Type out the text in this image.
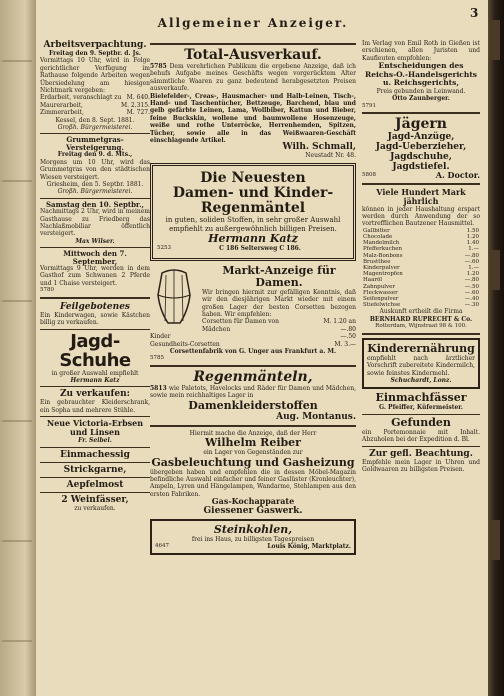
Allgemeiner Anzeiger.
3
Arbeitsverpachtung.
Freitag den 9. Septbr. d. Js.
Vormittags 10 Uhr, wird in Folge gerichtlicher Verfügung im Rathause folgende Arbeiten wegen Übersiedelung am hiesigen Nichtmark vergeben:
Erdarbeit, veranschlagt zu M. 640.
Maurerarbeit,	M. 2.315.
Zimmerarbeit,	M. 727.
Kessel, den 8. Sept. 1881.
Großh. Bürgermeisterei.
Grummetgras-Versteigerung.
Freitag den 9. d. Mts.,
Morgens um 10 Uhr, wird das Grummetgras von den städtischen Wiesen versteigert.
Griesheim, den 5. Septbr. 1881.
Großh. Bürgermeisterei.
Samstag den 10. Septbr.,
Nachmittags 2 Uhr, wird in meinem Gasthause zu Friedberg das Nachlaßmobiliar öffentlich versteigert.
Max Wilser.
Mittwoch den 7. September,
Vormittags 9 Uhr, werden in dem Gasthof zum Schwanen 2 Pferde und 1 Chaise versteigert.
5780
Feilgebotenes
Ein Kinderwagen, sowie Kästchen billig zu verkaufen.
Jagd-Schuhe
in großer Auswahl empfiehlt
Hermann Katz
Zu verkaufen:
Ein gebrauchter Kleiderschrank, ein Sopha und mehrere Stühle.
Neue Victoria-Erbsen und Linsen
Fr. Seibel.
Einmachessig
Strickgarne,
Aepfelmost
2 Weinfässer,
zu verkaufen.
Total-Ausverkauf.
5785 Dem verehrlichen Publikum die ergebene Anzeige, daß ich behufs Aufgabe meines Geschäfts wegen vorgerücktem Alter sämmtliche Waaren zu ganz bedeutend herabgesetzten Preisen ausverkaufe.
Bielefelder-, Creas-, Hausmacher- und Halb-Leinen, Tisch-, Hand- und Taschentücher, Bettzeuge, Barchend, blau und gelb gefärbte Leinen, Lama, Wollbiber, Kattun und Bieber, feine Buckskin, wollene und baumwollene Hosenzeuge, weiße und rothe Unterröcke, Herrenhemden, Spitzen, Tücher, sowie alle in das Weißwaaren-Geschäft einschlagende Artikel.
Wilh. Schmall,
Neustadt Nr. 48.
Die Neuesten
Damen- und Kinder-
Regenmäntel
in guten, soliden Stoffen, in sehr großer Auswahl empfiehlt zu außergewöhnlich billigen Preisen.
Hermann Katz
5253	C 186 Seltersweg C 186.
Markt-Anzeige für Damen.
Wir bringen hiermit zur gefälligen Kenntnis, daß wir den diesjährigen Markt wieder mit einem großen Lager der besten Corsetten bezogen haben. Wir empfehlen:
Corsetten für Damen von	M. 1.20 an
Mädchen	—.80
Kinder	—.50
Gesundheits-Corsetten	M. 3.—
Corsettenfabrik von G. Unger aus Frankfurt a. M.
5785
Regenmänteln,
5813 wie Paletots, Havelocks und Räder für Damen und Mädchen, sowie mein reichhaltiges Lager in
Damenkleiderstoffen
Aug. Montanus.
Hiermit mache die Anzeige, daß der Herr
Wilhelm Reiber
ein Lager von Gegenständen zur
Gasbeleuchtung und Gasheizung
übergeben haben und empfehlen die in dessen Möbel-Magazin befindliche Auswahl einfacher und feiner Gaslüster (Kronleuchter), Ampeln, Lyren und Hängelampen, Wandarme, Stehlampen aus den ersten Fabriken.
Gas-Kochapparate
Giessener Gaswerk.
Steinkohlen,
frei ins Haus, zu billigsten Tagespreisen
4647	Louis König, Marktplatz.
Im Verlag von Emil Roth in Gießen ist erschienen, allen Juristen und Kaufleuten empfohlen:
Entscheidungen des Reichs-O.-Handelsgerichts u. Reichsgerichts,
Preis gebunden in Leinwand.
Otto Zaunberger.
5791
Jägern
Jagd-Anzüge,
Jagd-Ueberzieher,
Jagdschuhe,
Jagdstiefel.
5808	A. Doctor.
Viele Hundert Mark jährlich
können in jeder Haushaltung erspart werden durch Anwendung der so vortrefflichen Bautzener Hausmittel.
Gallbitter	1.50
Chocolade	1.20
Mandelmilch	1.40
Pfefferkuchen	1.—
Malz-Bonbons	—.80
Brustthee	—.60
Kinderpulver	1.—
Magentropfen	1.20
Haaröl	—.80
Zahnpulver	—.50
Fleckwasser	—.60
Seifenpulver	—.40
Stiefelwichse	—.30
Auskunft ertheilt die Firma
BERNHARD RUPRECHT & Co.
Rotterdam, Wijnstraat 98 & 100.
Kinderernährung
empfiehlt nach ärztlicher Vorschrift zubereitete Kindermilch, sowie feinstes Kindermehl.
Schuchardt, Lonz.
Einmachfässer
G. Pfeiffer, Küfermeister.
Gefunden
ein Portemonnaie mit Inhalt. Abzuholen bei der Expedition d. Bl.
Zur gefl. Beachtung.
Empfehle mein Lager in Uhren und Goldwaaren zu billigsten Preisen.
